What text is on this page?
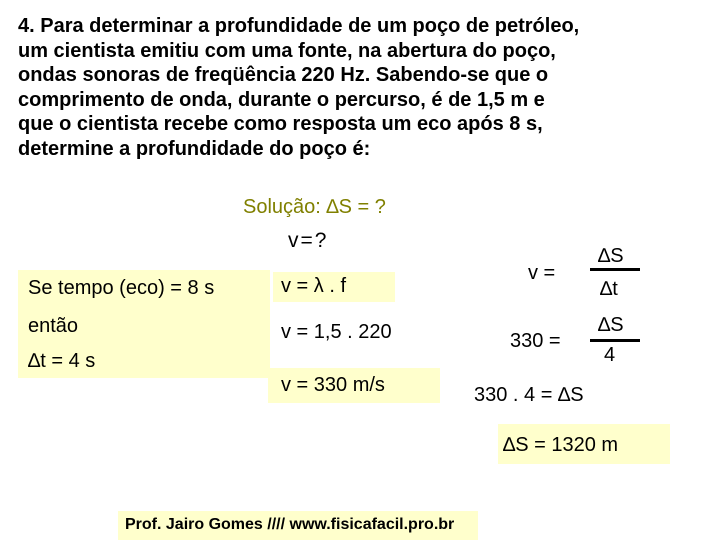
4. Para determinar a profundidade de um poço de petróleo,
um cientista emitiu com uma fonte, na abertura do poço,
ondas sonoras de freqüência 220 Hz. Sabendo-se que o
comprimento de onda, durante o percurso, é de 1,5 m e
que o cientista recebe como resposta um eco após 8 s,
determine a profundidade do poço é:
Solução: ∆S = ?
v=?
Se tempo (eco) = 8 s
então
∆t = 4 s
v = λ . f
v = 1,5 . 220
v = 330 m/s
v =
∆S
∆t
330 =
∆S
4
330 . 4 = ∆S
∆S = 1320 m
Prof. Jairo Gomes //// www.fisicafacil.pro.br
